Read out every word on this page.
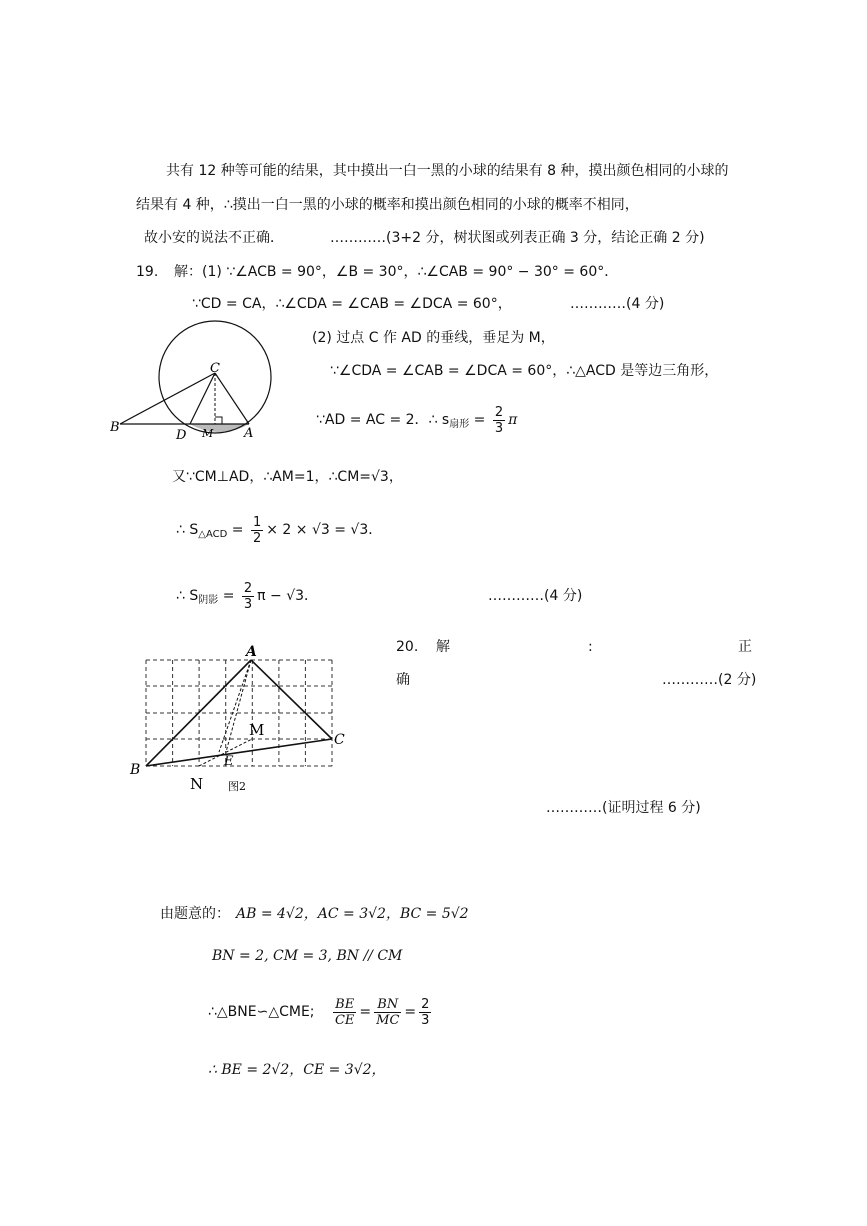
共有 12 种等可能的结果，其中摸出一白一黑的小球的结果有 8 种，摸出颜色相同的小球的
结果有 4 种，∴摸出一白一黑的小球的概率和摸出颜色相同的小球的概率不相同，
故小安的说法不正确．	…………(3+2 分，树状图或列表正确 3 分，结论正确 2 分)
19. 解：(1) ∵∠ACB = 90°，∠B = 30°，∴∠CAB = 90° − 30° = 60°．
∵CD = CA，∴∠CDA = ∠CAB = ∠DCA = 60°，	…………(4 分)
B
D M A
C
(2) 过点 C 作 AD 的垂线，垂足为 M，
∵∠CDA = ∠CAB = ∠DCA = 60°，∴△ACD 是等边三角形，
∵AD = AC = 2．∴ $s_{扇形} = \frac{2}{3}$ π
又∵CM⊥AD，∴AM=1，∴CM=√3，
∴ $S_{\triangle ACD} = \frac{1}{2} \times 2 \times √3 = √3$．
∴ $S_{阴影} = \frac{2}{3}$ π − √3．	…………(4 分)
A
B
C
M
E
N 图2
20. 解	:	正
确	…………(2 分)
…………(证明过程 6 分)
由题意的： AB = 4√2，AC = 3√2，BC = 5√2
BN = 2, CM = 3, BN // CM
∴△BNE∽△CME; $\frac{BE}{CE} = \frac{BN}{MC} = \frac{2}{3}$
∴ BE = 2√2，CE = 3√2，
